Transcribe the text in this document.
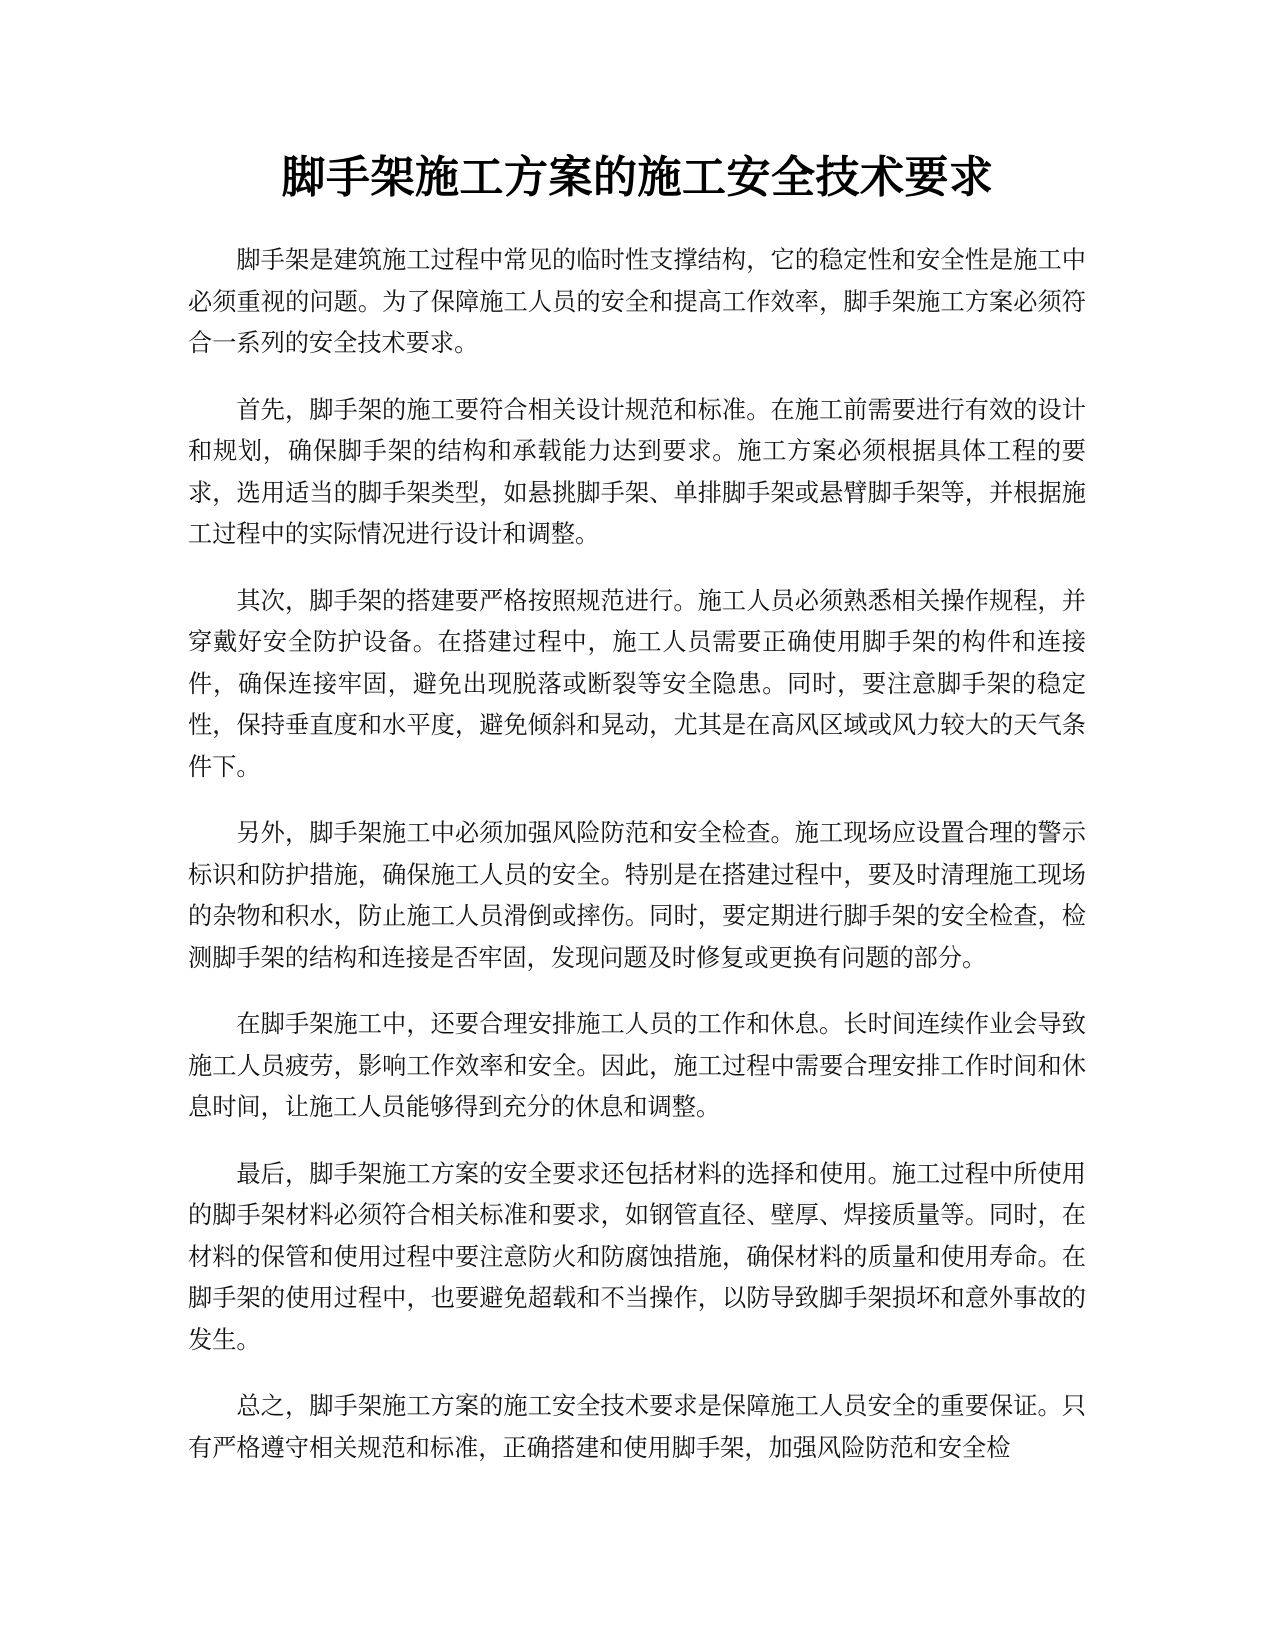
脚手架施工方案的施工安全技术要求

脚手架是建筑施工过程中常见的临时性支撑结构，它的稳定性和安全性是施工中必须重视的问题。为了保障施工人员的安全和提高工作效率，脚手架施工方案必须符合一系列的安全技术要求。

首先，脚手架的施工要符合相关设计规范和标准。在施工前需要进行有效的设计和规划，确保脚手架的结构和承载能力达到要求。施工方案必须根据具体工程的要求，选用适当的脚手架类型，如悬挑脚手架、单排脚手架或悬臂脚手架等，并根据施工过程中的实际情况进行设计和调整。

其次，脚手架的搭建要严格按照规范进行。施工人员必须熟悉相关操作规程，并穿戴好安全防护设备。在搭建过程中，施工人员需要正确使用脚手架的构件和连接件，确保连接牢固，避免出现脱落或断裂等安全隐患。同时，要注意脚手架的稳定性，保持垂直度和水平度，避免倾斜和晃动，尤其是在高风区域或风力较大的天气条件下。

另外，脚手架施工中必须加强风险防范和安全检查。施工现场应设置合理的警示标识和防护措施，确保施工人员的安全。特别是在搭建过程中，要及时清理施工现场的杂物和积水，防止施工人员滑倒或摔伤。同时，要定期进行脚手架的安全检查，检测脚手架的结构和连接是否牢固，发现问题及时修复或更换有问题的部分。

在脚手架施工中，还要合理安排施工人员的工作和休息。长时间连续作业会导致施工人员疲劳，影响工作效率和安全。因此，施工过程中需要合理安排工作时间和休息时间，让施工人员能够得到充分的休息和调整。

最后，脚手架施工方案的安全要求还包括材料的选择和使用。施工过程中所使用的脚手架材料必须符合相关标准和要求，如钢管直径、壁厚、焊接质量等。同时，在材料的保管和使用过程中要注意防火和防腐蚀措施，确保材料的质量和使用寿命。在脚手架的使用过程中，也要避免超载和不当操作，以防导致脚手架损坏和意外事故的发生。

总之，脚手架施工方案的施工安全技术要求是保障施工人员安全的重要保证。只有严格遵守相关规范和标准，正确搭建和使用脚手架，加强风险防范和安全检
